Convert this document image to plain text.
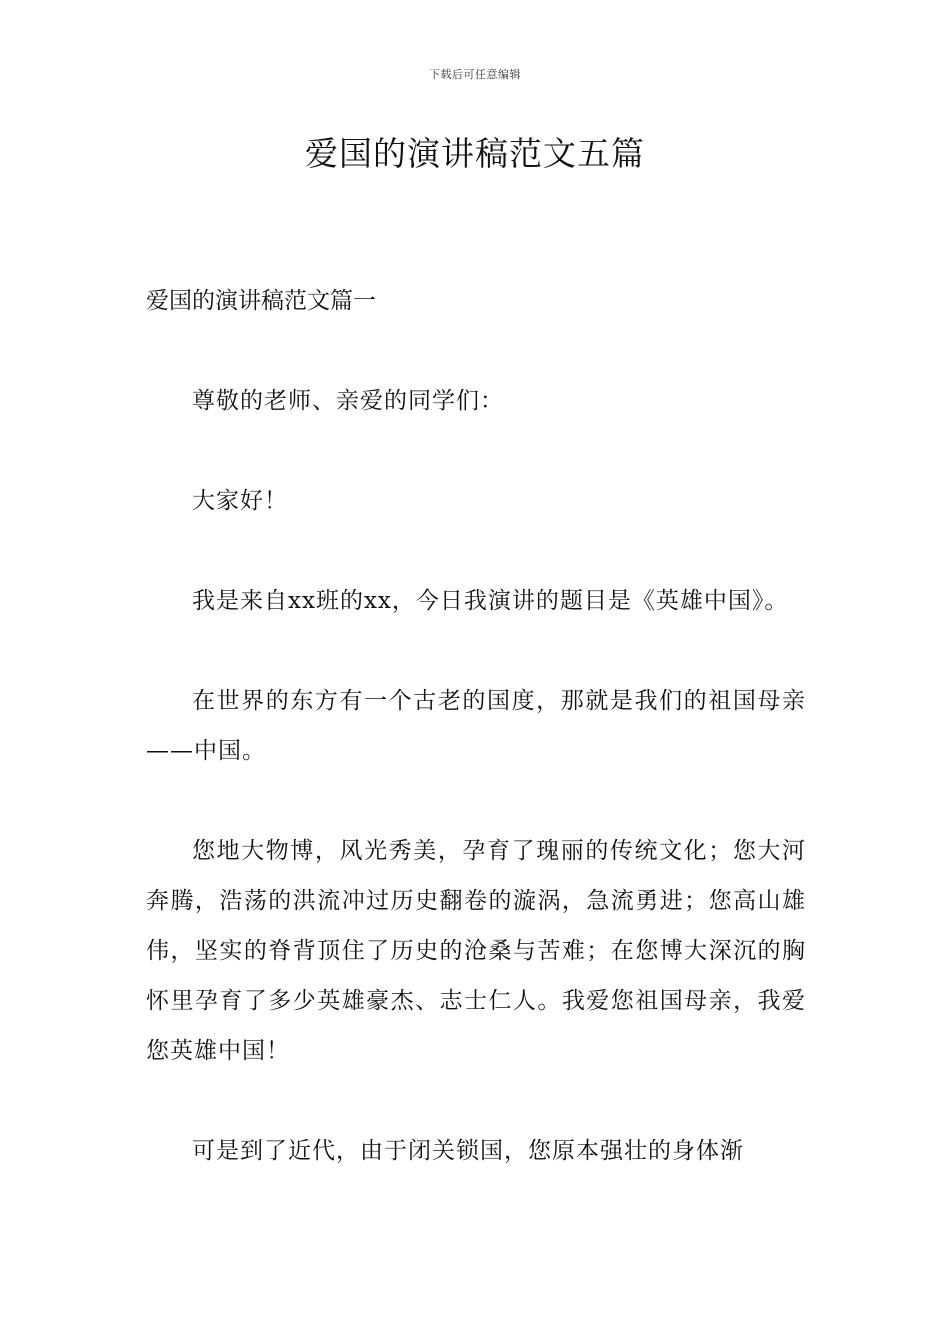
下载后可任意编辑
爱国的演讲稿范文五篇
爱国的演讲稿范文篇一

尊敬的老师、亲爱的同学们：

大家好！

我是来自xx班的xx，今日我演讲的题目是《英雄中国》。

在世界的东方有一个古老的国度，那就是我们的祖国母亲——中国。

您地大物博，风光秀美，孕育了瑰丽的传统文化；您大河奔腾，浩荡的洪流冲过历史翻卷的漩涡，急流勇进；您高山雄伟，坚实的脊背顶住了历史的沧桑与苦难；在您博大深沉的胸怀里孕育了多少英雄豪杰、志士仁人。我爱您祖国母亲，我爱您英雄中国！

可是到了近代，由于闭关锁国，您原本强壮的身体渐
